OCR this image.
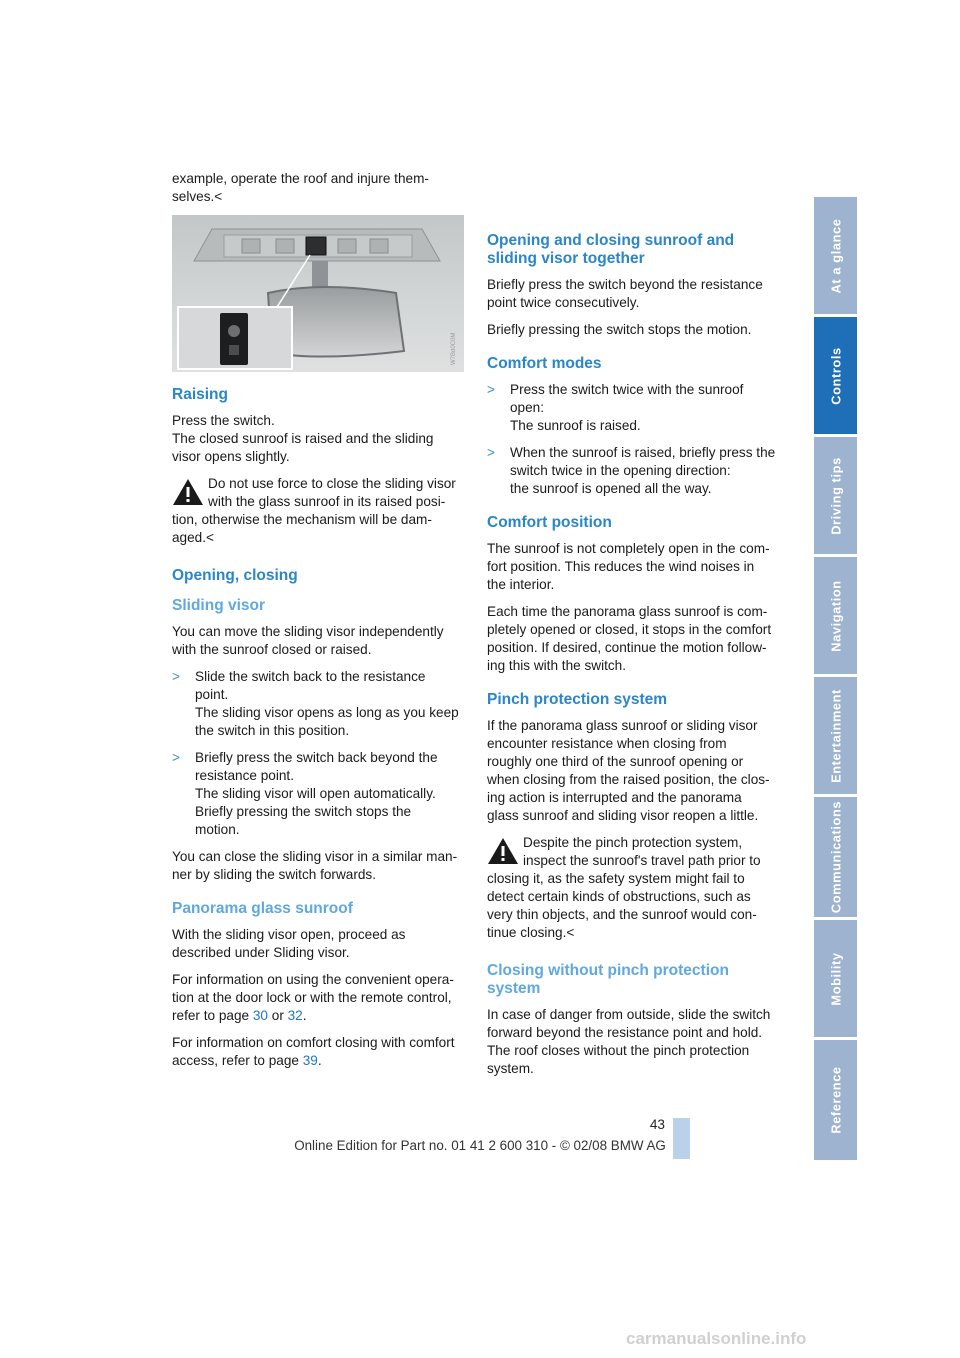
example, operate the roof and injure them-
selves.<

W7Bd0C0M
Raising

Press the switch.
The closed sunroof is raised and the sliding
visor opens slightly.

Do not use force to close the sliding visor
with the glass sunroof in its raised posi-
tion, otherwise the mechanism will be dam-
aged.<
Opening, closing
Sliding visor

You can move the sliding visor independently
with the sunroof closed or raised.

> Slide the switch back to the resistance
point.
The sliding visor opens as long as you keep
the switch in this position.
> Briefly press the switch back beyond the
resistance point.
The sliding visor will open automatically.
Briefly pressing the switch stops the
motion.

You can close the sliding visor in a similar man-
ner by sliding the switch forwards.

Panorama glass sunroof

With the sliding visor open, proceed as
described under Sliding visor.

For information on using the convenient opera-
tion at the door lock or with the remote control,
refer to page 30 or 32.

For information on comfort closing with comfort
access, refer to page 39.

Opening and closing sunroof and
sliding visor together

Briefly press the switch beyond the resistance
point twice consecutively.

Briefly pressing the switch stops the motion.

Comfort modes
> Press the switch twice with the sunroof
open:
The sunroof is raised.
> When the sunroof is raised, briefly press the
switch twice in the opening direction:
the sunroof is opened all the way.
Comfort position

The sunroof is not completely open in the com-
fort position. This reduces the wind noises in
the interior.

Each time the panorama glass sunroof is com-
pletely opened or closed, it stops in the comfort
position. If desired, continue the motion follow-
ing this with the switch.

Pinch protection system

If the panorama glass sunroof or sliding visor
encounter resistance when closing from
roughly one third of the sunroof opening or
when closing from the raised position, the clos-
ing action is interrupted and the panorama
glass sunroof and sliding visor reopen a little.

Despite the pinch protection system,
inspect the sunroof's travel path prior to
closing it, as the safety system might fail to
detect certain kinds of obstructions, such as
very thin objects, and the sunroof would con-
tinue closing.<
Closing without pinch protection
system

In case of danger from outside, slide the switch
forward beyond the resistance point and hold.
The roof closes without the pinch protection
system.

At a glance
Controls
Driving tips
Navigation
Entertainment
Communications
Mobility
Reference
43
Online Edition for Part no. 01 41 2 600 310 - © 02/08 BMW AG
carmanualsonline.info
